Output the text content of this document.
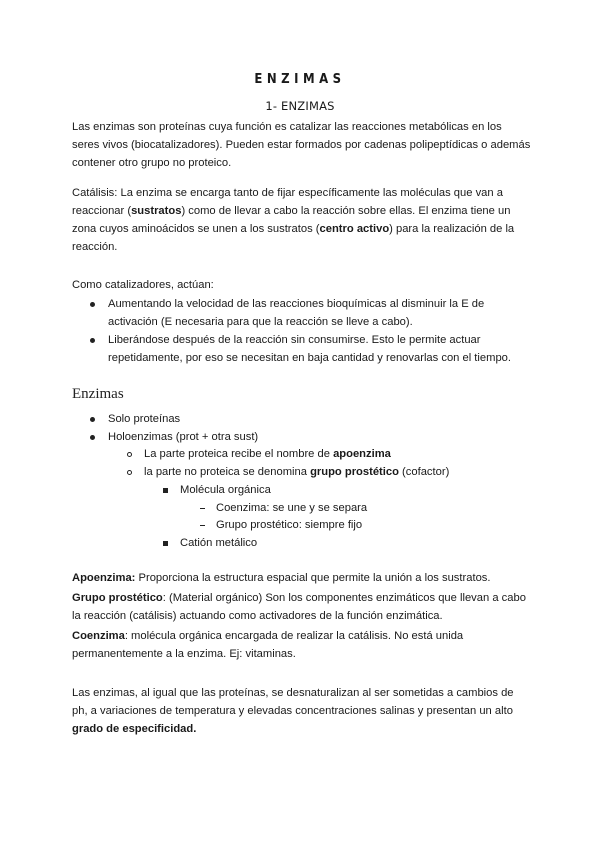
ENZIMAS
1- ENZIMAS
Las enzimas son proteínas cuya función es catalizar las reacciones metabólicas en los
seres vivos (biocatalizadores). Pueden estar formados por cadenas polipeptídicas o además
contener otro grupo no proteico.
Catálisis: La enzima se encarga tanto de fijar específicamente las moléculas que van a
reaccionar (sustratos) como de llevar a cabo la reacción sobre ellas. El enzima tiene un
zona cuyos aminoácidos se unen a los sustratos (centro activo) para la realización de la
reacción.
Como catalizadores, actúan:
Aumentando la velocidad de las reacciones bioquímicas al disminuir la E de
activación (E necesaria para que la reacción se lleve a cabo).
Liberándose después de la reacción sin consumirse. Esto le permite actuar
repetidamente, por eso se necesitan en baja cantidad y renovarlas con el tiempo.
Enzimas
Solo proteínas
Holoenzimas (prot + otra sust)
La parte proteica recibe el nombre de apoenzima
la parte no proteica se denomina grupo prostético (cofactor)
Molécula orgánica
Coenzima: se une y se separa
Grupo prostético: siempre fijo
Catión metálico
Apoenzima: Proporciona la estructura espacial que permite la unión a los sustratos.
Grupo prostético: (Material orgánico) Son los componentes enzimáticos que llevan a cabo
la reacción (catálisis) actuando como activadores de la función enzimática.
Coenzima: molécula orgánica encargada de realizar la catálisis. No está unida
permanentemente a la enzima. Ej: vitaminas.
Las enzimas, al igual que las proteínas, se desnaturalizan al ser sometidas a cambios de
ph, a variaciones de temperatura y elevadas concentraciones salinas y presentan un alto
grado de especificidad.
